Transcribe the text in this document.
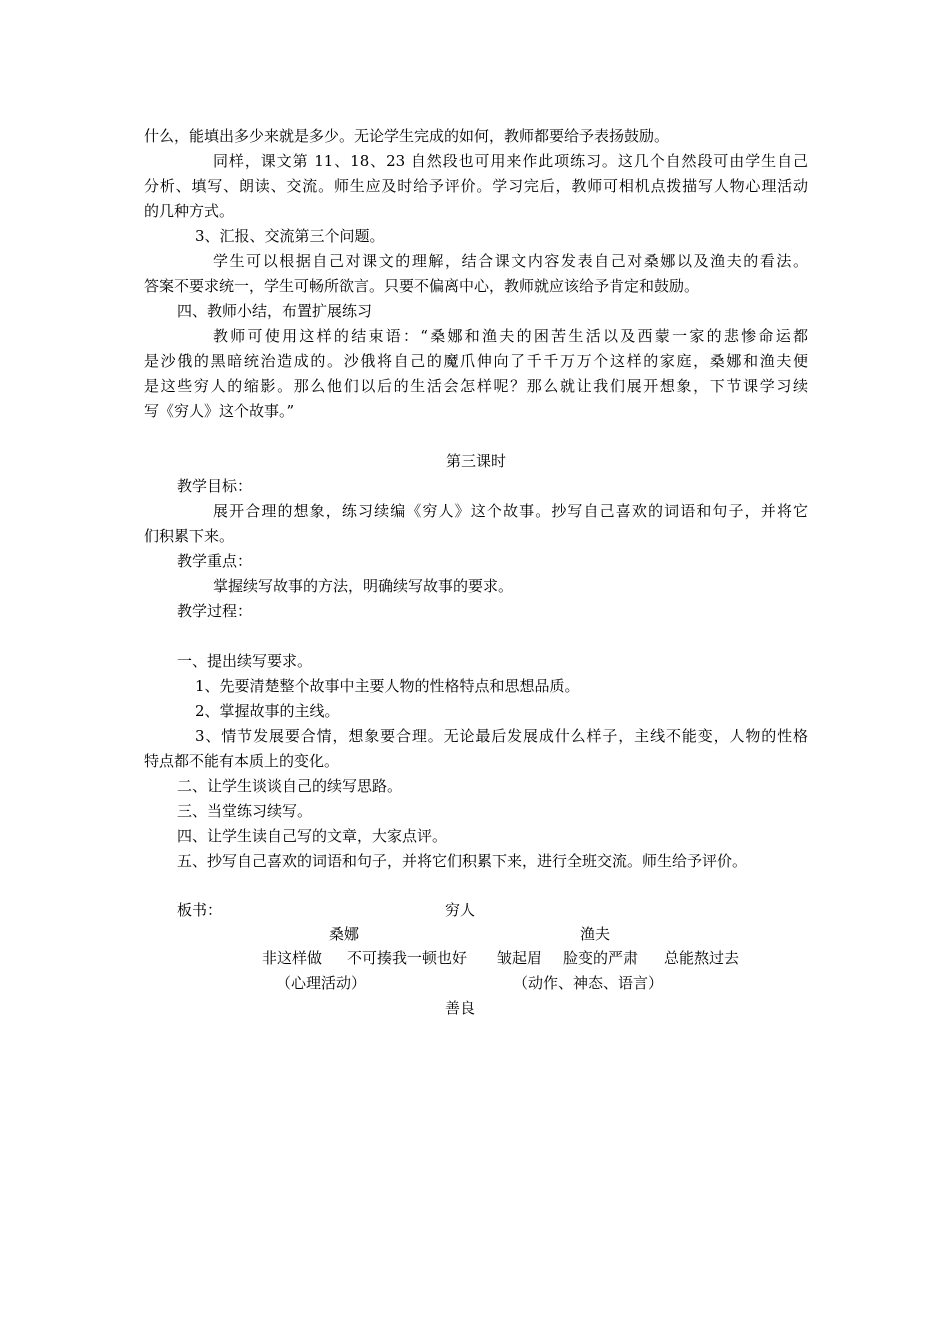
什么，能填出多少来就是多少。无论学生完成的如何，教师都要给予表扬鼓励。
同样，课文第 11、18、23 自然段也可用来作此项练习。这几个自然段可由学生自己
分析、填写、朗读、交流。师生应及时给予评价。学习完后，教师可相机点拨描写人物心理活动
的几种方式。
3、汇报、交流第三个问题。
学生可以根据自己对课文的理解，结合课文内容发表自己对桑娜以及渔夫的看法。
答案不要求统一，学生可畅所欲言。只要不偏离中心，教师就应该给予肯定和鼓励。
四、教师小结，布置扩展练习
教师可使用这样的结束语：“桑娜和渔夫的困苦生活以及西蒙一家的悲惨命运都
是沙俄的黑暗统治造成的。沙俄将自己的魔爪伸向了千千万万个这样的家庭，桑娜和渔夫便
是这些穷人的缩影。那么他们以后的生活会怎样呢？那么就让我们展开想象，下节课学习续
写《穷人》这个故事。”
第三课时
教学目标：
展开合理的想象，练习续编《穷人》这个故事。抄写自己喜欢的词语和句子，并将它
们积累下来。
教学重点：
掌握续写故事的方法，明确续写故事的要求。
教学过程：
一、提出续写要求。
1、先要清楚整个故事中主要人物的性格特点和思想品质。
2、掌握故事的主线。
3、情节发展要合情，想象要合理。无论最后发展成什么样子，主线不能变，人物的性格
特点都不能有本质上的变化。
二、让学生谈谈自己的续写思路。
三、当堂练习续写。
四、让学生读自己写的文章，大家点评。
五、抄写自己喜欢的词语和句子，并将它们积累下来，进行全班交流。师生给予评价。
板书：	穷人
桑娜	渔夫
非这样做 不可揍我一顿也好 皱起眉 脸变的严肃 总能熬过去
（心理活动）	（动作、神态、语言）
善良
